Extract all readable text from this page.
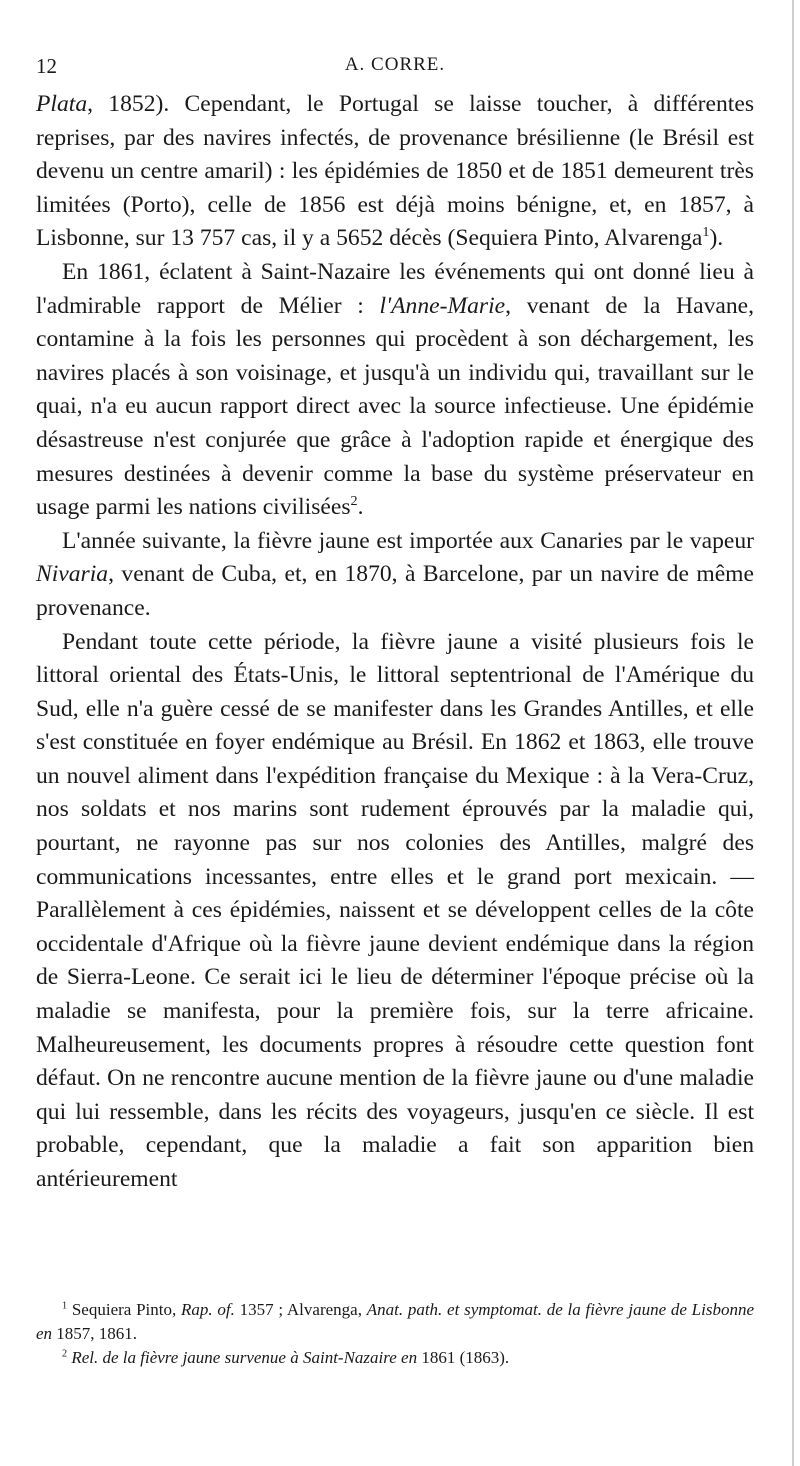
12	A. CORRE.

Plata, 1852). Cependant, le Portugal se laisse toucher, à différentes reprises, par des navires infectés, de provenance brésilienne (le Brésil est devenu un centre amaril) : les épidémies de 1850 et de 1851 demeurent très limitées (Porto), celle de 1856 est déjà moins bénigne, et, en 1857, à Lisbonne, sur 13 757 cas, il y a 5652 décès (Sequiera Pinto, Alvarenga$^1$).

En 1861, éclatent à Saint-Nazaire les événements qui ont donné lieu à l'admirable rapport de Mélier : l'Anne-Marie, venant de la Havane, contamine à la fois les personnes qui procèdent à son déchargement, les navires placés à son voisinage, et jusqu'à un individu qui, travaillant sur le quai, n'a eu aucun rapport direct avec la source infectieuse. Une épidémie désastreuse n'est conjurée que grâce à l'adoption rapide et énergique des mesures destinées à devenir comme la base du système préservateur en usage parmi les nations civilisées$^2$.

L'année suivante, la fièvre jaune est importée aux Canaries par le vapeur Nivaria, venant de Cuba, et, en 1870, à Barcelone, par un navire de même provenance.

Pendant toute cette période, la fièvre jaune a visité plusieurs fois le littoral oriental des États-Unis, le littoral septentrional de l'Amérique du Sud, elle n'a guère cessé de se manifester dans les Grandes Antilles, et elle s'est constituée en foyer endémique au Brésil. En 1862 et 1863, elle trouve un nouvel aliment dans l'expédition française du Mexique : à la Vera-Cruz, nos soldats et nos marins sont rudement éprouvés par la maladie qui, pourtant, ne rayonne pas sur nos colonies des Antilles, malgré des communications incessantes, entre elles et le grand port mexicain. — Parallèlement à ces épidémies, naissent et se développent celles de la côte occidentale d'Afrique où la fièvre jaune devient endémique dans la région de Sierra-Leone. Ce serait ici le lieu de déterminer l'époque précise où la maladie se manifesta, pour la première fois, sur la terre africaine. Malheureusement, les documents propres à résoudre cette question font défaut. On ne rencontre aucune mention de la fièvre jaune ou d'une maladie qui lui ressemble, dans les récits des voyageurs, jusqu'en ce siècle. Il est probable, cependant, que la maladie a fait son apparition bien antérieurement

$^1$ Sequiera Pinto, Rap. of. 1357 ; Alvarenga, Anat. path. et symptomat. de la fièvre jaune de Lisbonne en 1857, 1861.

$^2$ Rel. de la fièvre jaune survenue à Saint-Nazaire en 1861 (1863).
